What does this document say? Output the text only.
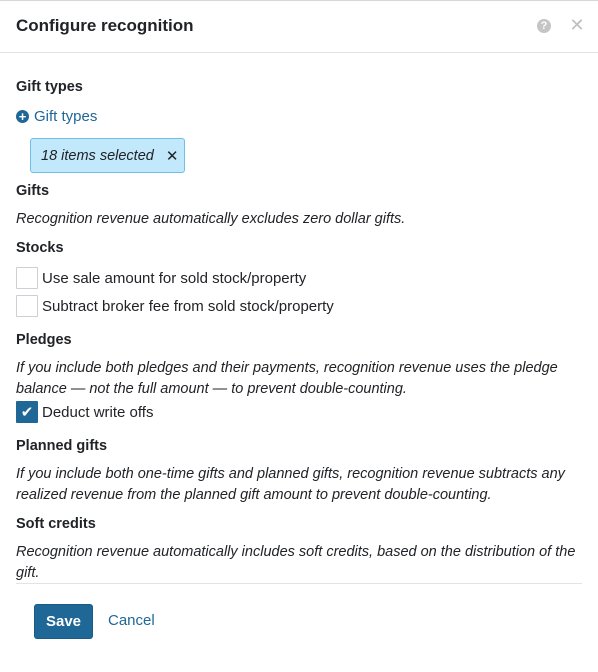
Configure recognition	? ✕
Gift types
+ Gift types
18 items selected ✕
Gifts
Recognition revenue automatically excludes zero dollar gifts.
Stocks
Use sale amount for sold stock/property
Subtract broker fee from sold stock/property
Pledges
If you include both pledges and their payments, recognition revenue uses the pledge balance — not the full amount — to prevent double-counting.
✔ Deduct write offs
Planned gifts
If you include both one-time gifts and planned gifts, recognition revenue subtracts any realized revenue from the planned gift amount to prevent double-counting.
Soft credits
Recognition revenue automatically includes soft credits, based on the distribution of the gift.
Save	Cancel
